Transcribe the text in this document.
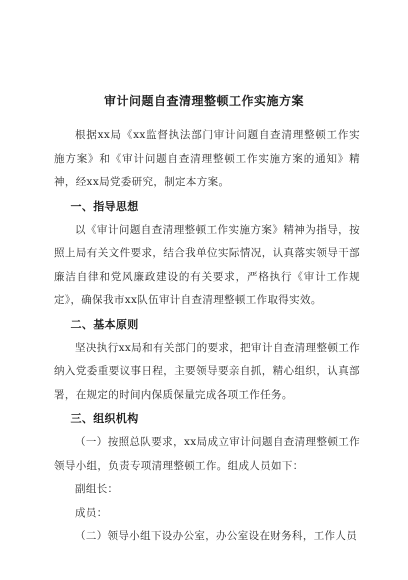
审计问题自查清理整顿工作实施方案

根据xx局《xx监督执法部门审计问题自查清理整顿工作实施方案》和《审计问题自查清理整顿工作实施方案的通知》精神，经xx局党委研究，制定本方案。

一、指导思想

以《审计问题自查清理整顿工作实施方案》精神为指导，按照上局有关文件要求，结合我单位实际情况，认真落实领导干部廉洁自律和党风廉政建设的有关要求，严格执行《审计工作规定》，确保我市xx队伍审计自查清理整顿工作取得实效。

二、基本原则

坚决执行xx局和有关部门的要求，把审计自查清理整顿工作纳入党委重要议事日程，主要领导要亲自抓，精心组织，认真部署，在规定的时间内保质保量完成各项工作任务。

三、组织机构

（一）按照总队要求，xx局成立审计问题自查清理整顿工作领导小组，负责专项清理整顿工作。组成人员如下：

副组长：

成员：

（二）领导小组下设办公室，办公室设在财务科，工作人员
